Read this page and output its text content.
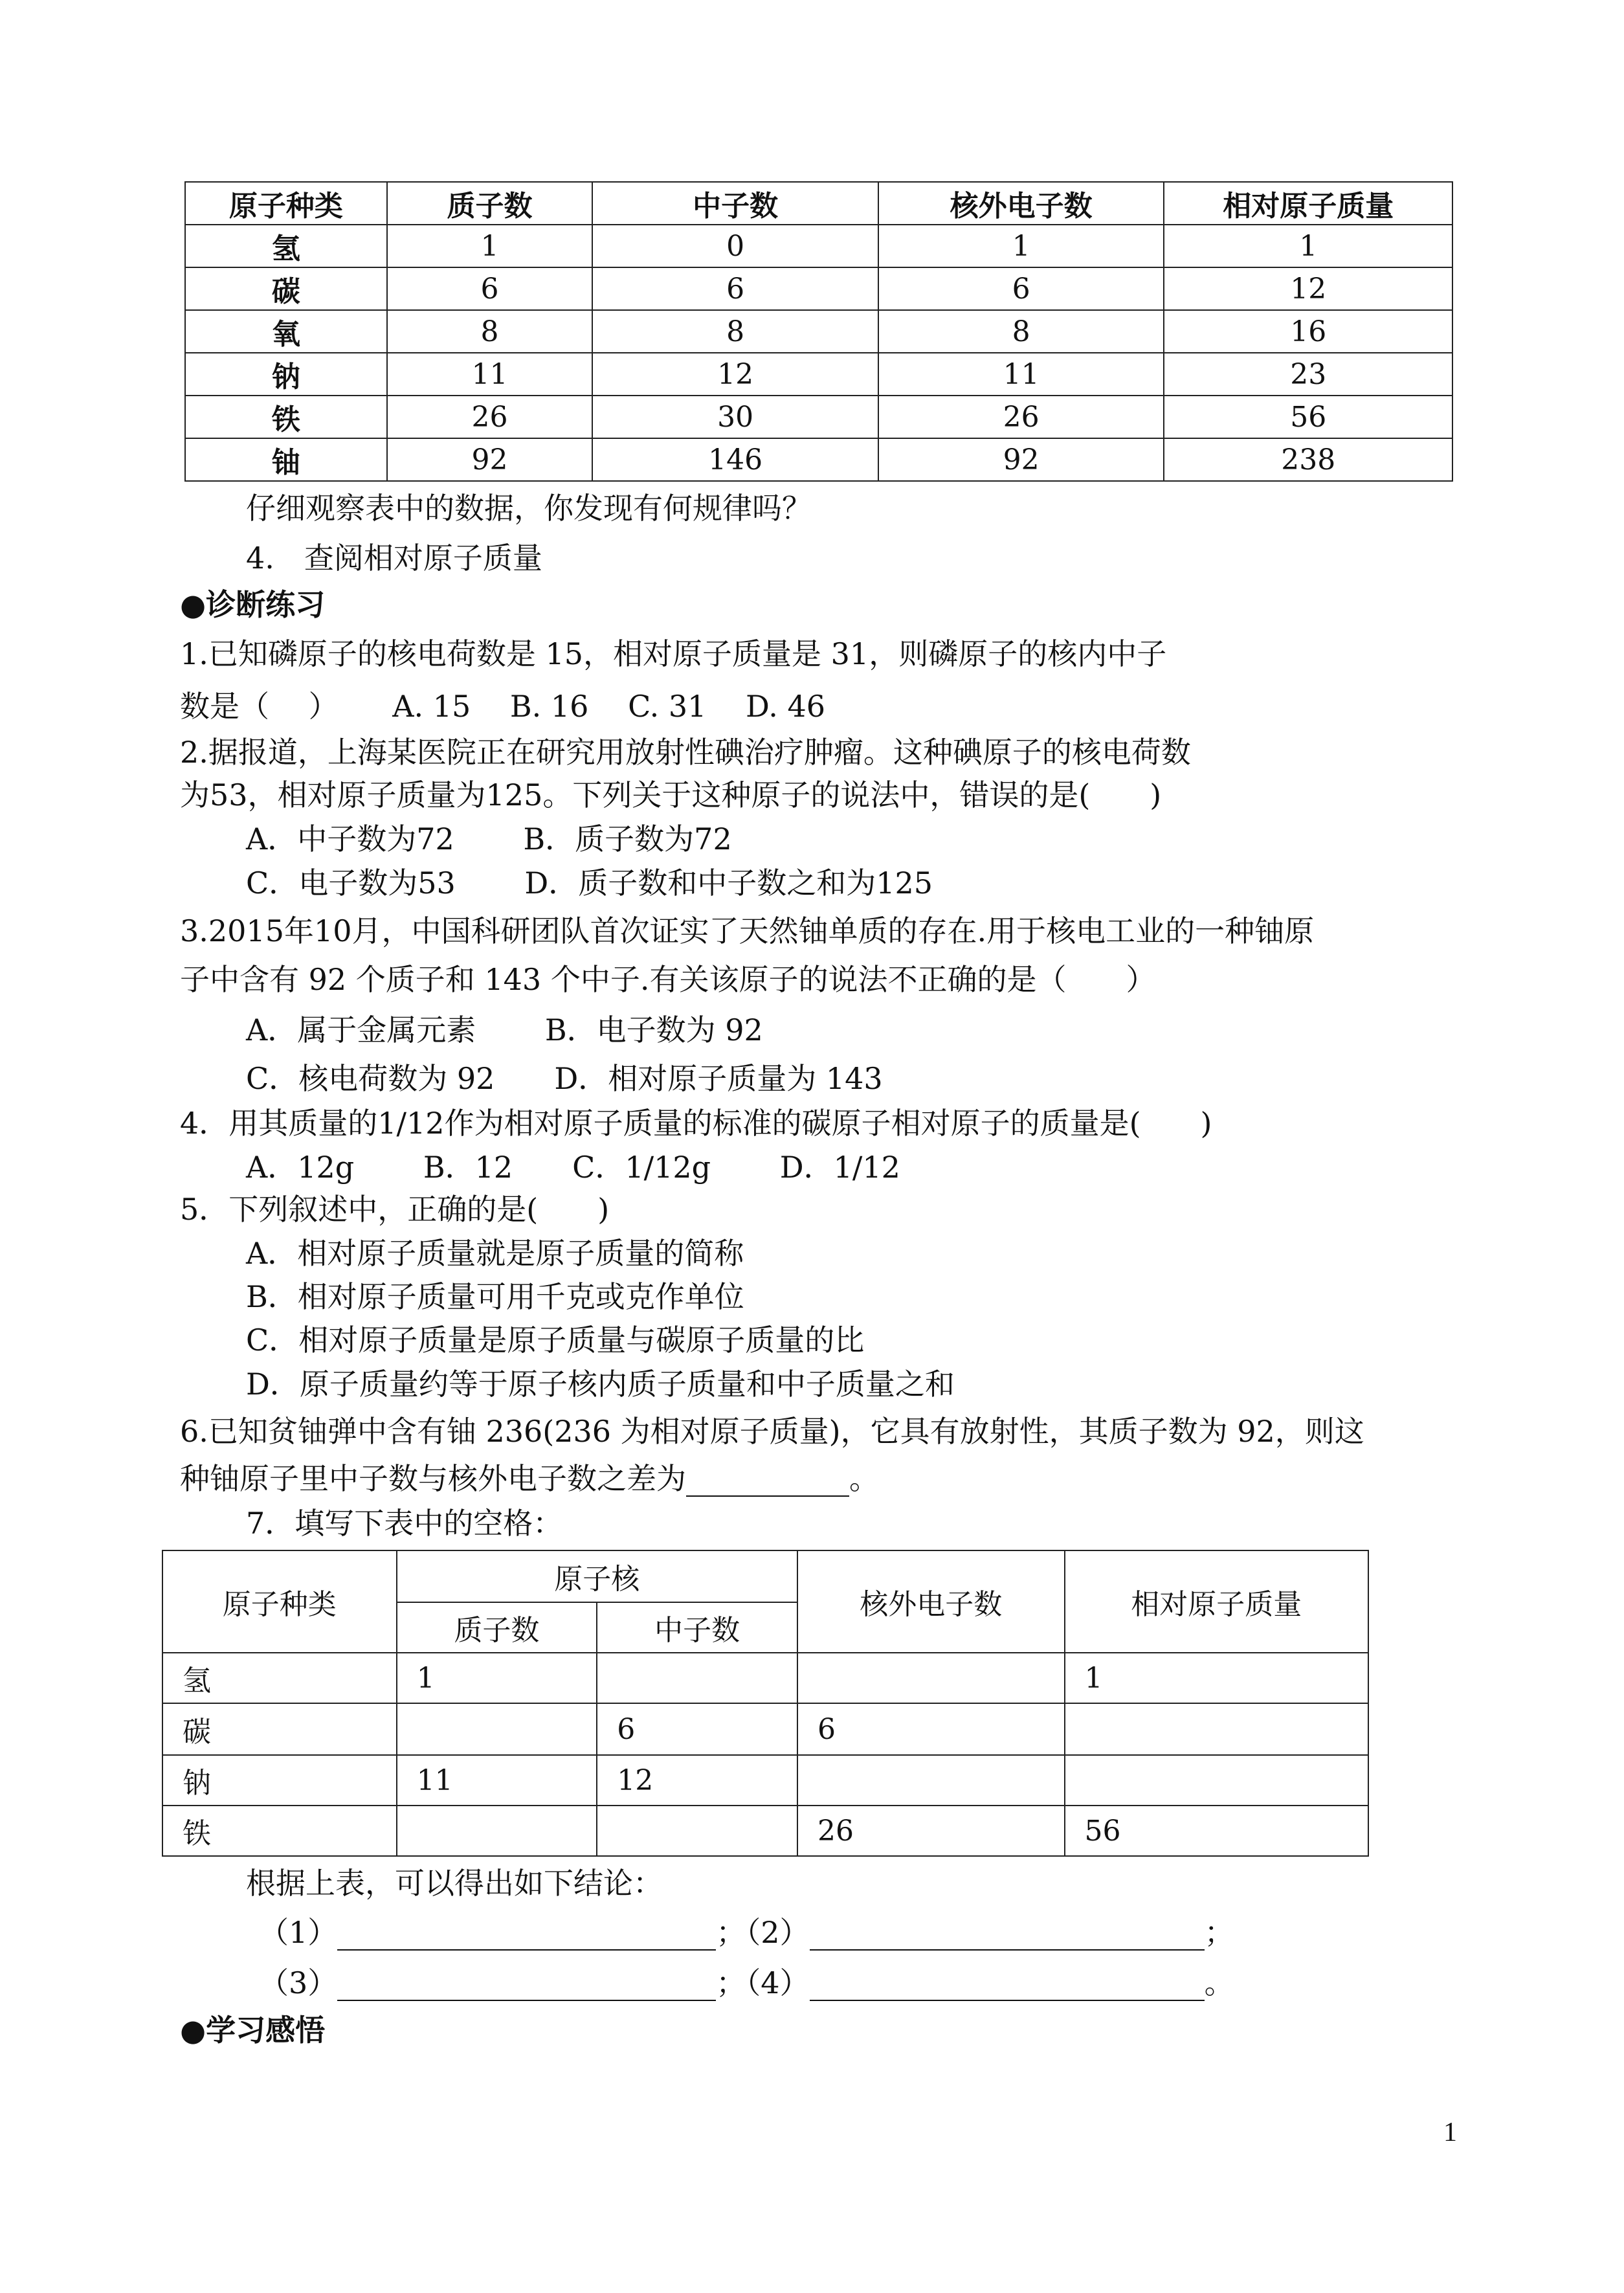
原子种类	质子数	中子数	核外电子数	相对原子质量
氢	1	0	1	1
碳	6	6	6	12
氧	8	8	8	16
钠	11	12	11	23
铁	26	30	26	56
铀	92	146	92	238
仔细观察表中的数据，你发现有何规律吗？
4.　查阅相对原子质量
●诊断练习
1.已知磷原子的核电荷数是 15，相对原子质量是 31，则磷原子的核内中子
数是（　 ）　　 A. 15　 B. 16　 C. 31　 D. 46
2.据报道，上海某医院正在研究用放射性碘治疗肿瘤。这种碘原子的核电荷数
为53，相对原子质量为125。下列关于这种原子的说法中，错误的是(　　)
A．中子数为72　　 B．质子数为72
C．电子数为53　　 D．质子数和中子数之和为125
3.2015年10月，中国科研团队首次证实了天然铀单质的存在.用于核电工业的一种铀原
子中含有 92 个质子和 143 个中子.有关该原子的说法不正确的是（　　）
A．属于金属元素　　 B．电子数为 92
C．核电荷数为 92　　D．相对原子质量为 143
4．用其质量的1/12作为相对原子质量的标准的碳原子相对原子的质量是(　　)
A．12g　　 B．12　　C．1/12g　　 D．1/12
5．下列叙述中，正确的是(　　)
A．相对原子质量就是原子质量的简称
B．相对原子质量可用千克或克作单位
C．相对原子质量是原子质量与碳原子质量的比
D．原子质量约等于原子核内质子质量和中子质量之和
6.已知贫铀弹中含有铀 236(236 为相对原子质量)，它具有放射性，其质子数为 92，则这
种铀原子里中子数与核外电子数之差为	。
7．填写下表中的空格：
原子种类	原子核		核外电子数	相对原子质量
	质子数	中子数		
氢	1			1
碳		6	6	
钠	11	12		
铁			26	56
根据上表，可以得出如下结论：
（1）	；（2）	；
（3）	；（4）	。
●学习感悟
1
